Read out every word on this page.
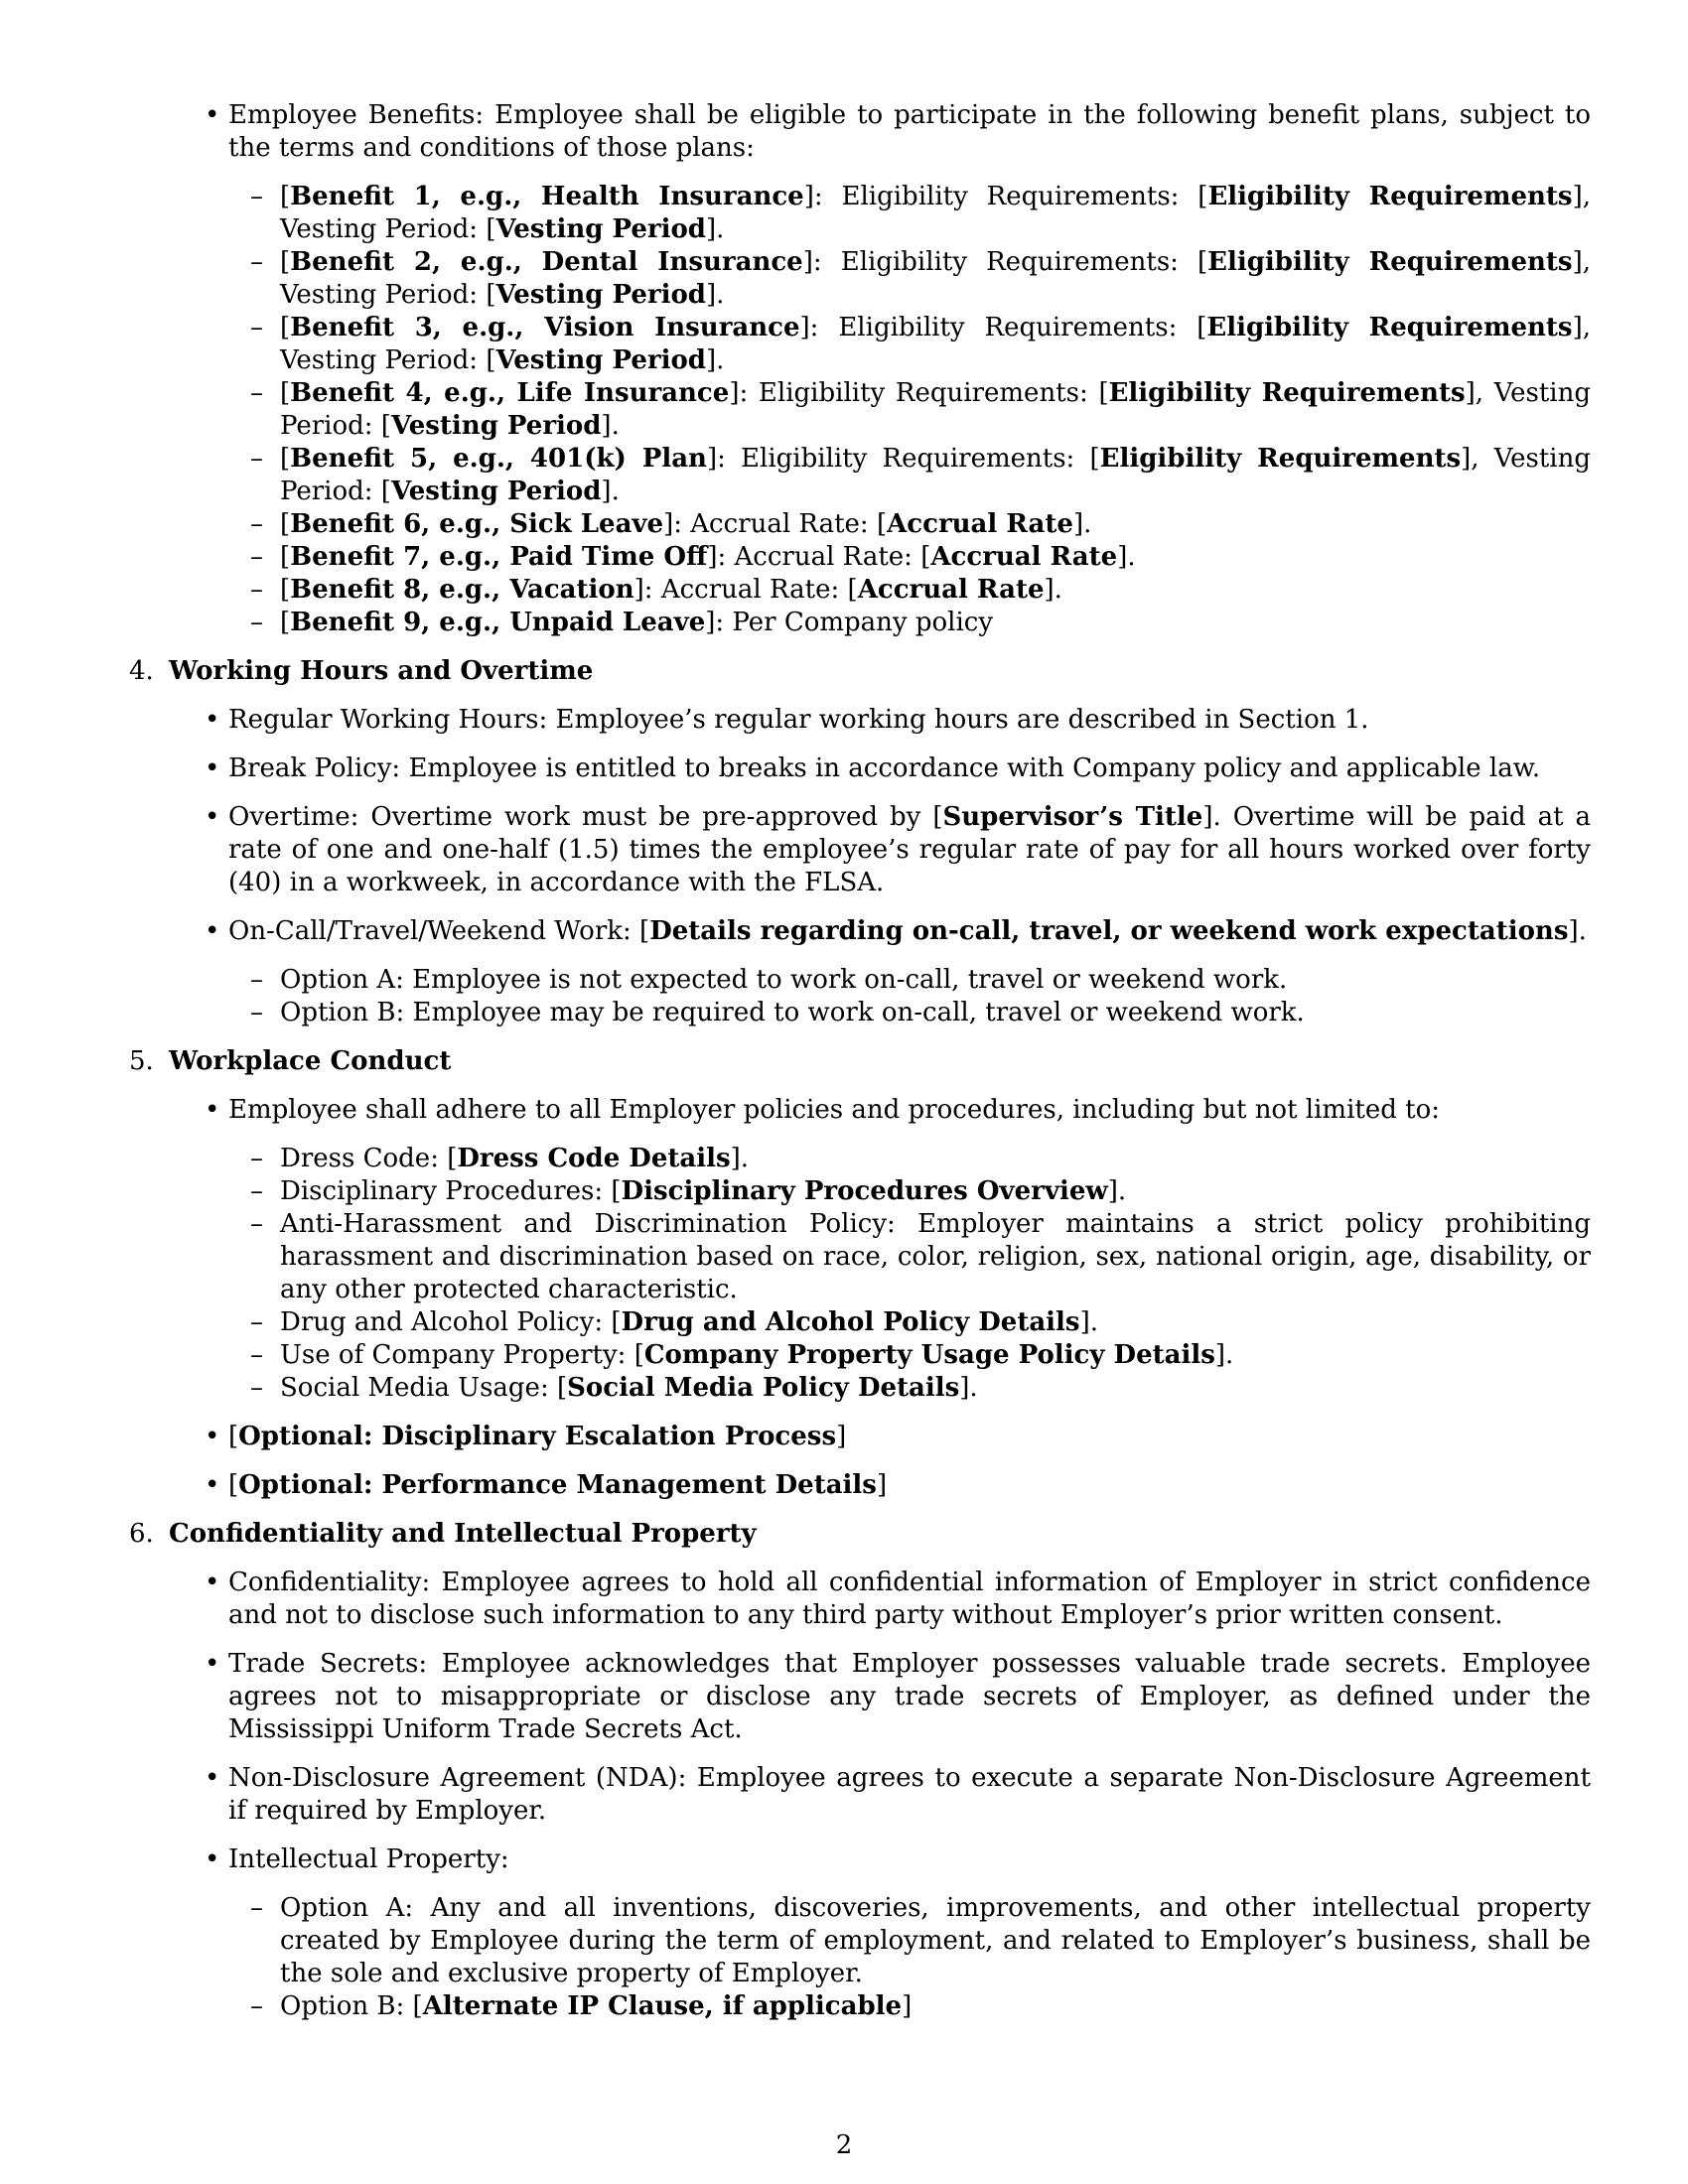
• Employee Benefits: Employee shall be eligible to participate in the following benefit plans, subject to the terms and conditions of those plans:
– [Benefit 1, e.g., Health Insurance]: Eligibility Requirements: [Eligibility Requirements], Vesting Period: [Vesting Period].
– [Benefit 2, e.g., Dental Insurance]: Eligibility Requirements: [Eligibility Requirements], Vesting Period: [Vesting Period].
– [Benefit 3, e.g., Vision Insurance]: Eligibility Requirements: [Eligibility Requirements], Vesting Period: [Vesting Period].
– [Benefit 4, e.g., Life Insurance]: Eligibility Requirements: [Eligibility Requirements], Vesting Period: [Vesting Period].
– [Benefit 5, e.g., 401(k) Plan]: Eligibility Requirements: [Eligibility Requirements], Vesting Period: [Vesting Period].
– [Benefit 6, e.g., Sick Leave]: Accrual Rate: [Accrual Rate].
– [Benefit 7, e.g., Paid Time Off]: Accrual Rate: [Accrual Rate].
– [Benefit 8, e.g., Vacation]: Accrual Rate: [Accrual Rate].
– [Benefit 9, e.g., Unpaid Leave]: Per Company policy
4. Working Hours and Overtime
• Regular Working Hours: Employee’s regular working hours are described in Section 1.
• Break Policy: Employee is entitled to breaks in accordance with Company policy and applicable law.
• Overtime: Overtime work must be pre-approved by [Supervisor’s Title]. Overtime will be paid at a rate of one and one-half (1.5) times the employee’s regular rate of pay for all hours worked over forty (40) in a workweek, in accordance with the FLSA.
• On-Call/Travel/Weekend Work: [Details regarding on-call, travel, or weekend work expectations].
– Option A: Employee is not expected to work on-call, travel or weekend work.
– Option B: Employee may be required to work on-call, travel or weekend work.
5. Workplace Conduct
• Employee shall adhere to all Employer policies and procedures, including but not limited to:
– Dress Code: [Dress Code Details].
– Disciplinary Procedures: [Disciplinary Procedures Overview].
– Anti-Harassment and Discrimination Policy: Employer maintains a strict policy prohibiting harassment and discrimination based on race, color, religion, sex, national origin, age, disability, or any other protected characteristic.
– Drug and Alcohol Policy: [Drug and Alcohol Policy Details].
– Use of Company Property: [Company Property Usage Policy Details].
– Social Media Usage: [Social Media Policy Details].
• [Optional: Disciplinary Escalation Process]
• [Optional: Performance Management Details]
6. Confidentiality and Intellectual Property
• Confidentiality: Employee agrees to hold all confidential information of Employer in strict confidence and not to disclose such information to any third party without Employer’s prior written consent.
• Trade Secrets: Employee acknowledges that Employer possesses valuable trade secrets. Employee agrees not to misappropriate or disclose any trade secrets of Employer, as defined under the Mississippi Uniform Trade Secrets Act.
• Non-Disclosure Agreement (NDA): Employee agrees to execute a separate Non-Disclosure Agreement if required by Employer.
• Intellectual Property:
– Option A: Any and all inventions, discoveries, improvements, and other intellectual property created by Employee during the term of employment, and related to Employer’s business, shall be the sole and exclusive property of Employer.
– Option B: [Alternate IP Clause, if applicable]
2
